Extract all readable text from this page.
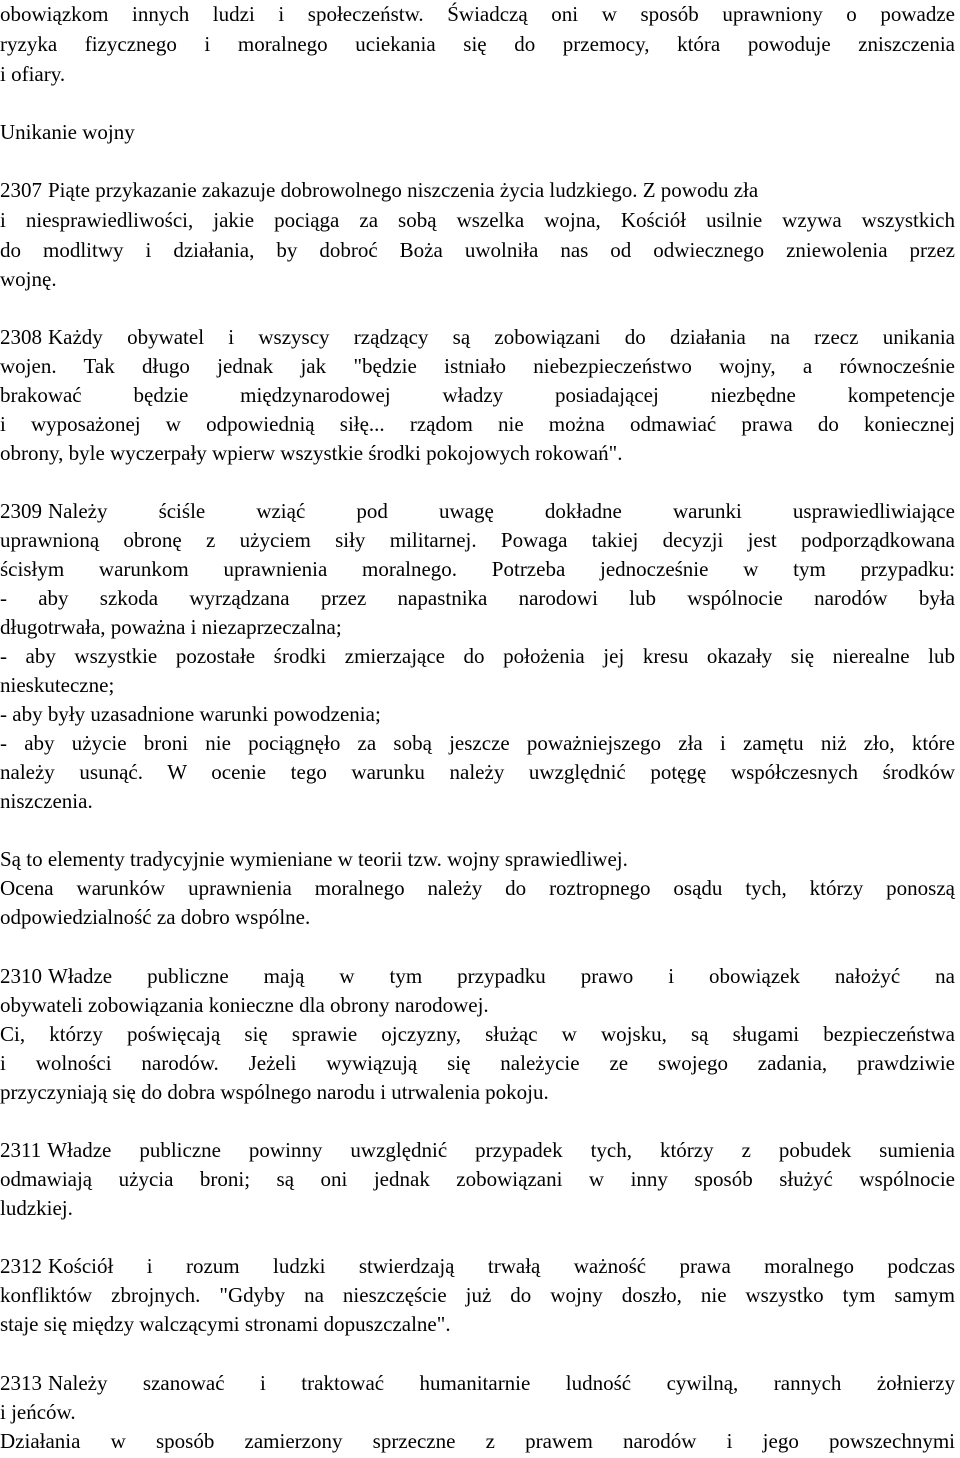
obowiązkom innych ludzi i społeczeństw. Świadczą oni w sposób uprawniony o powadze
ryzyka fizycznego i moralnego uciekania się do przemocy, która powoduje zniszczenia
i ofiary.
Unikanie wojny
2307 Piąte przykazanie zakazuje dobrowolnego niszczenia życia ludzkiego. Z powodu zła
i niesprawiedliwości, jakie pociąga za sobą wszelka wojna, Kościół usilnie wzywa wszystkich
do modlitwy i działania, by dobroć Boża uwolniła nas od odwiecznego zniewolenia przez
wojnę.
2308 Każdy obywatel i wszyscy rządzący są zobowiązani do działania na rzecz unikania
wojen. Tak długo jednak jak "będzie istniało niebezpieczeństwo wojny, a równocześnie
brakować będzie międzynarodowej władzy posiadającej niezbędne kompetencje
i wyposażonej w odpowiednią siłę... rządom nie można odmawiać prawa do koniecznej
obrony, byle wyczerpały wpierw wszystkie środki pokojowych rokowań".
2309 Należy ściśle wziąć pod uwagę dokładne warunki usprawiedliwiające
uprawnioną obronę z użyciem siły militarnej. Powaga takiej decyzji jest podporządkowana
ścisłym warunkom uprawnienia moralnego. Potrzeba jednocześnie w tym przypadku:
- aby szkoda wyrządzana przez napastnika narodowi lub wspólnocie narodów była
długotrwała, poważna i niezaprzeczalna;
- aby wszystkie pozostałe środki zmierzające do położenia jej kresu okazały się nierealne lub
nieskuteczne;
- aby były uzasadnione warunki powodzenia;
- aby użycie broni nie pociągnęło za sobą jeszcze poważniejszego zła i zamętu niż zło, które
należy usunąć. W ocenie tego warunku należy uwzględnić potęgę współczesnych środków
niszczenia.
Są to elementy tradycyjnie wymieniane w teorii tzw. wojny sprawiedliwej.
Ocena warunków uprawnienia moralnego należy do roztropnego osądu tych, którzy ponoszą
odpowiedzialność za dobro wspólne.
2310 Władze publiczne mają w tym przypadku prawo i obowiązek nałożyć na
obywateli zobowiązania konieczne dla obrony narodowej.
Ci, którzy poświęcają się sprawie ojczyzny, służąc w wojsku, są sługami bezpieczeństwa
i wolności narodów. Jeżeli wywiązują się należycie ze swojego zadania, prawdziwie
przyczyniają się do dobra wspólnego narodu i utrwalenia pokoju.
2311 Władze publiczne powinny uwzględnić przypadek tych, którzy z pobudek sumienia
odmawiają użycia broni; są oni jednak zobowiązani w inny sposób służyć wspólnocie
ludzkiej.
2312 Kościół i rozum ludzki stwierdzają trwałą ważność prawa moralnego podczas
konfliktów zbrojnych. "Gdyby na nieszczęście już do wojny doszło, nie wszystko tym samym
staje się między walczącymi stronami dopuszczalne".
2313 Należy szanować i traktować humanitarnie ludność cywilną, rannych żołnierzy
i jeńców.
Działania w sposób zamierzony sprzeczne z prawem narodów i jego powszechnymi
